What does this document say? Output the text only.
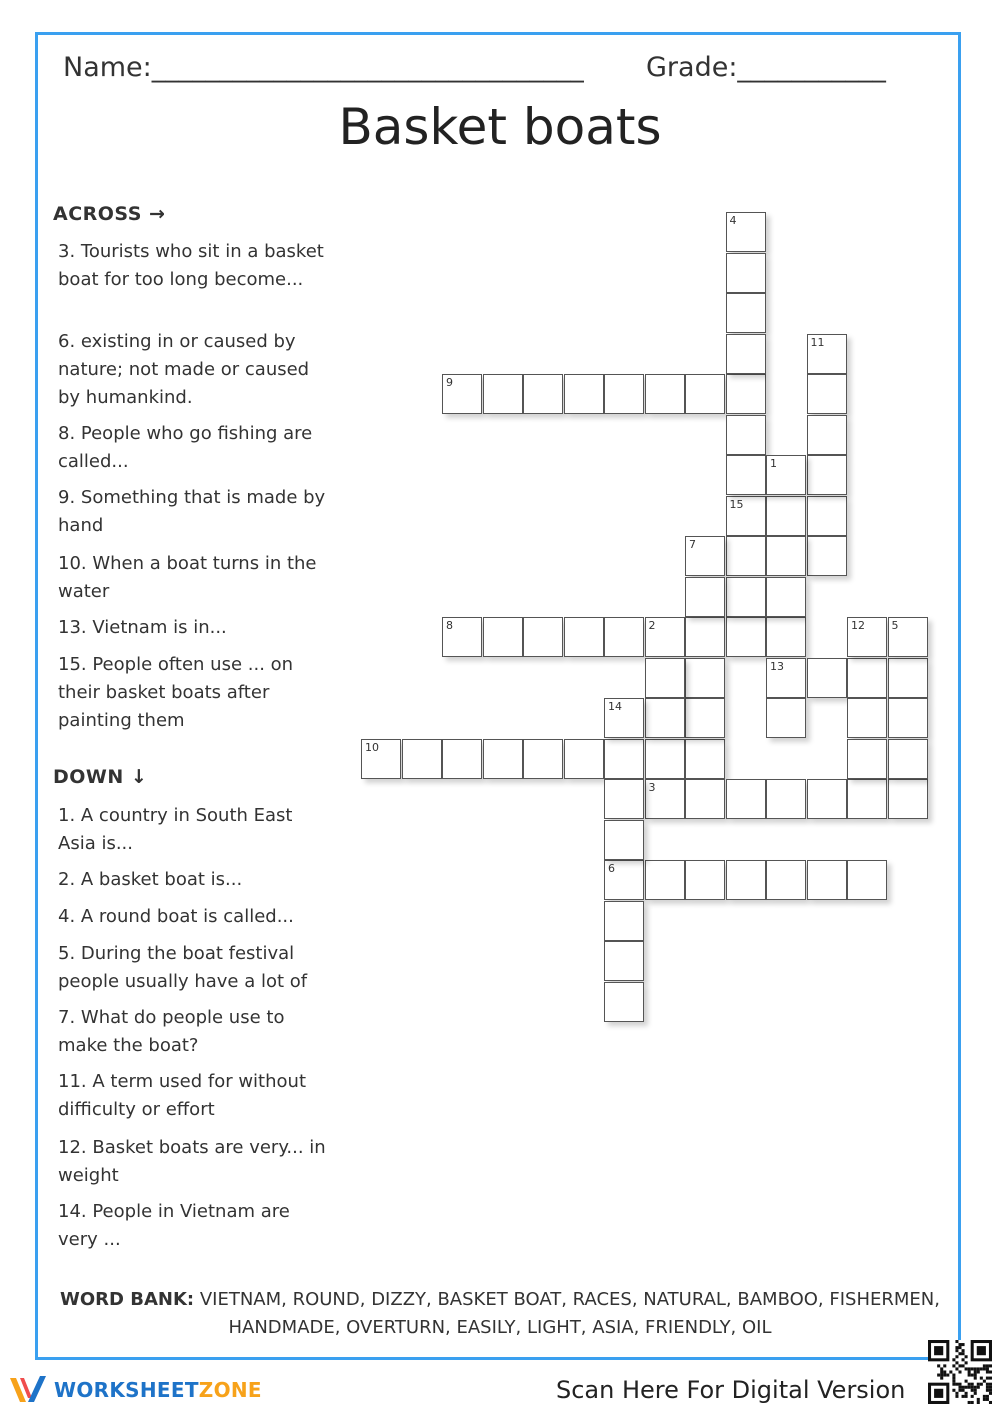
Name:________________________________ Grade:___________
Basket boats
ACROSS →
3. Tourists who sit in a basket boat for too long become...
6. existing in or caused by nature; not made or caused by humankind.
8. People who go fishing are called...
9. Something that is made by hand
10. When a boat turns in the water
13. Vietnam is in...
15. People often use ... on their basket boats after painting them
DOWN ↓
1. A country in South East Asia is...
2. A basket boat is...
4. A round boat is called...
5. During the boat festival people usually have a lot of
7. What do people use to make the boat?
11. A term used for without difficulty or effort
12. Basket boats are very... in weight
14. People in Vietnam are very ...
9
8	2
10
3
6
13
15
4
11
1
7
12 5
14
WORD BANK: VIETNAM, ROUND, DIZZY, BASKET BOAT, RACES, NATURAL, BAMBOO, FISHERMEN, HANDMADE, OVERTURN, EASILY, LIGHT, ASIA, FRIENDLY, OIL
WORKSHEETZONE	Scan Here For Digital Version
